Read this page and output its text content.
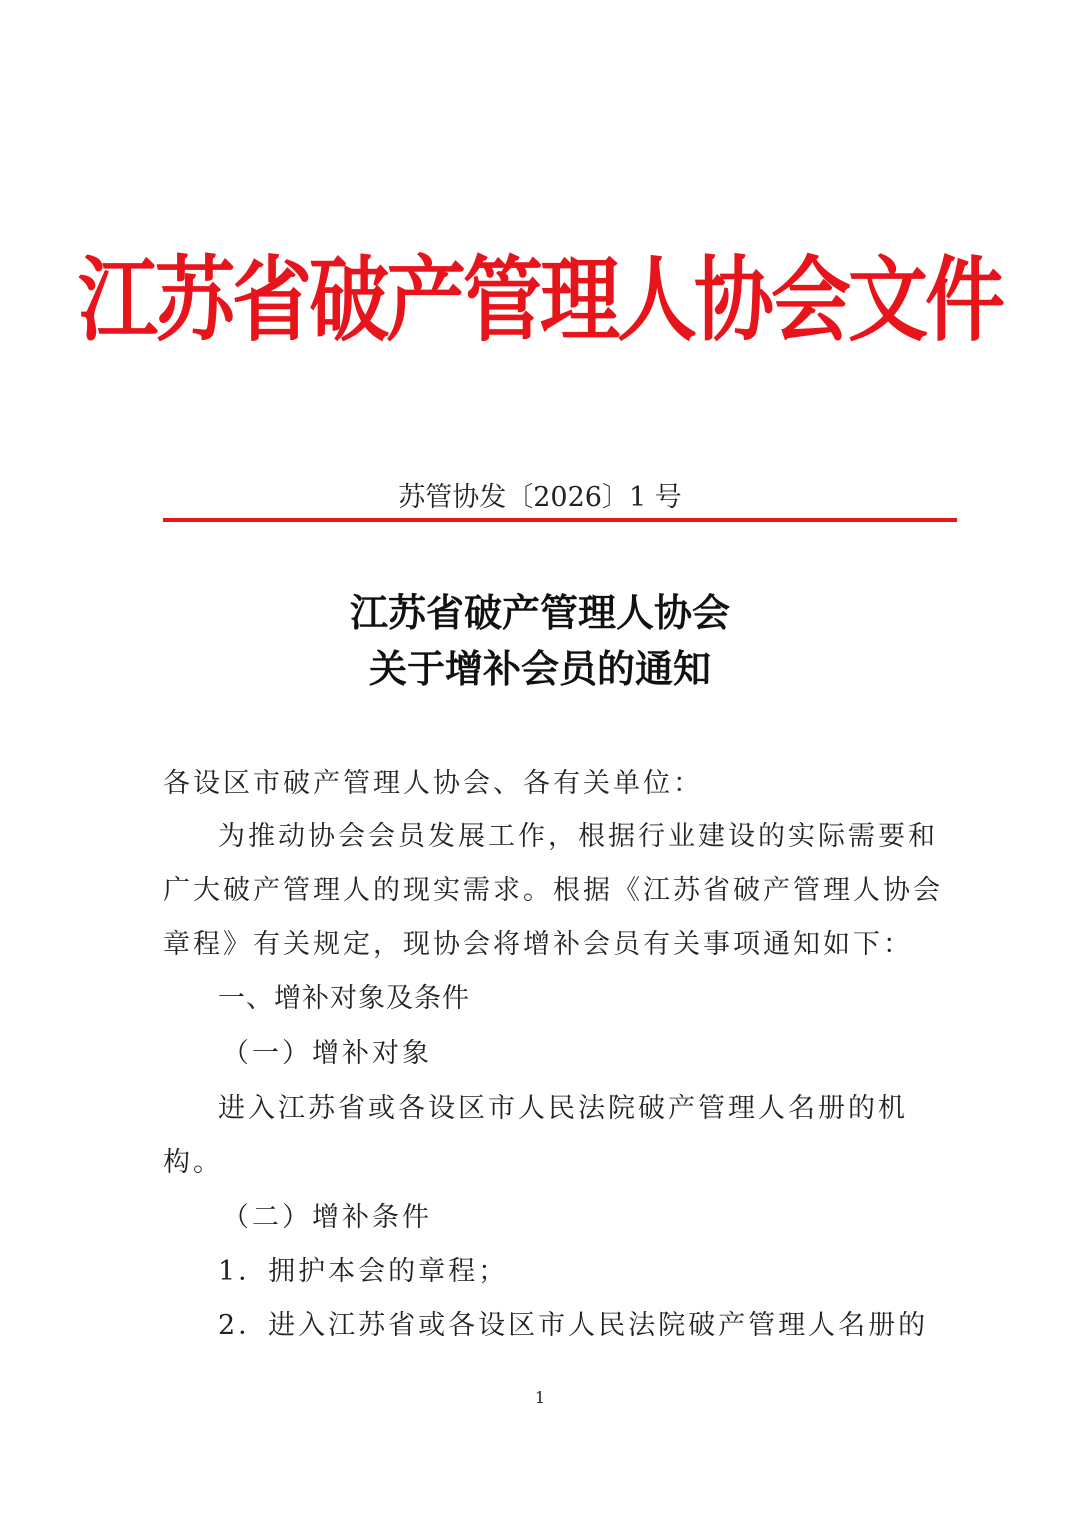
江苏省破产管理人协会文件
苏管协发〔2026〕1 号
江苏省破产管理人协会
关于增补会员的通知
各设区市破产管理人协会、各有关单位：
为推动协会会员发展工作，根据行业建设的实际需要和
广大破产管理人的现实需求。根据《江苏省破产管理人协会
章程》有关规定，现协会将增补会员有关事项通知如下：
一、增补对象及条件
（一）增补对象
进入江苏省或各设区市人民法院破产管理人名册的机
构。
（二）增补条件
1．拥护本会的章程；
2．进入江苏省或各设区市人民法院破产管理人名册的
1
